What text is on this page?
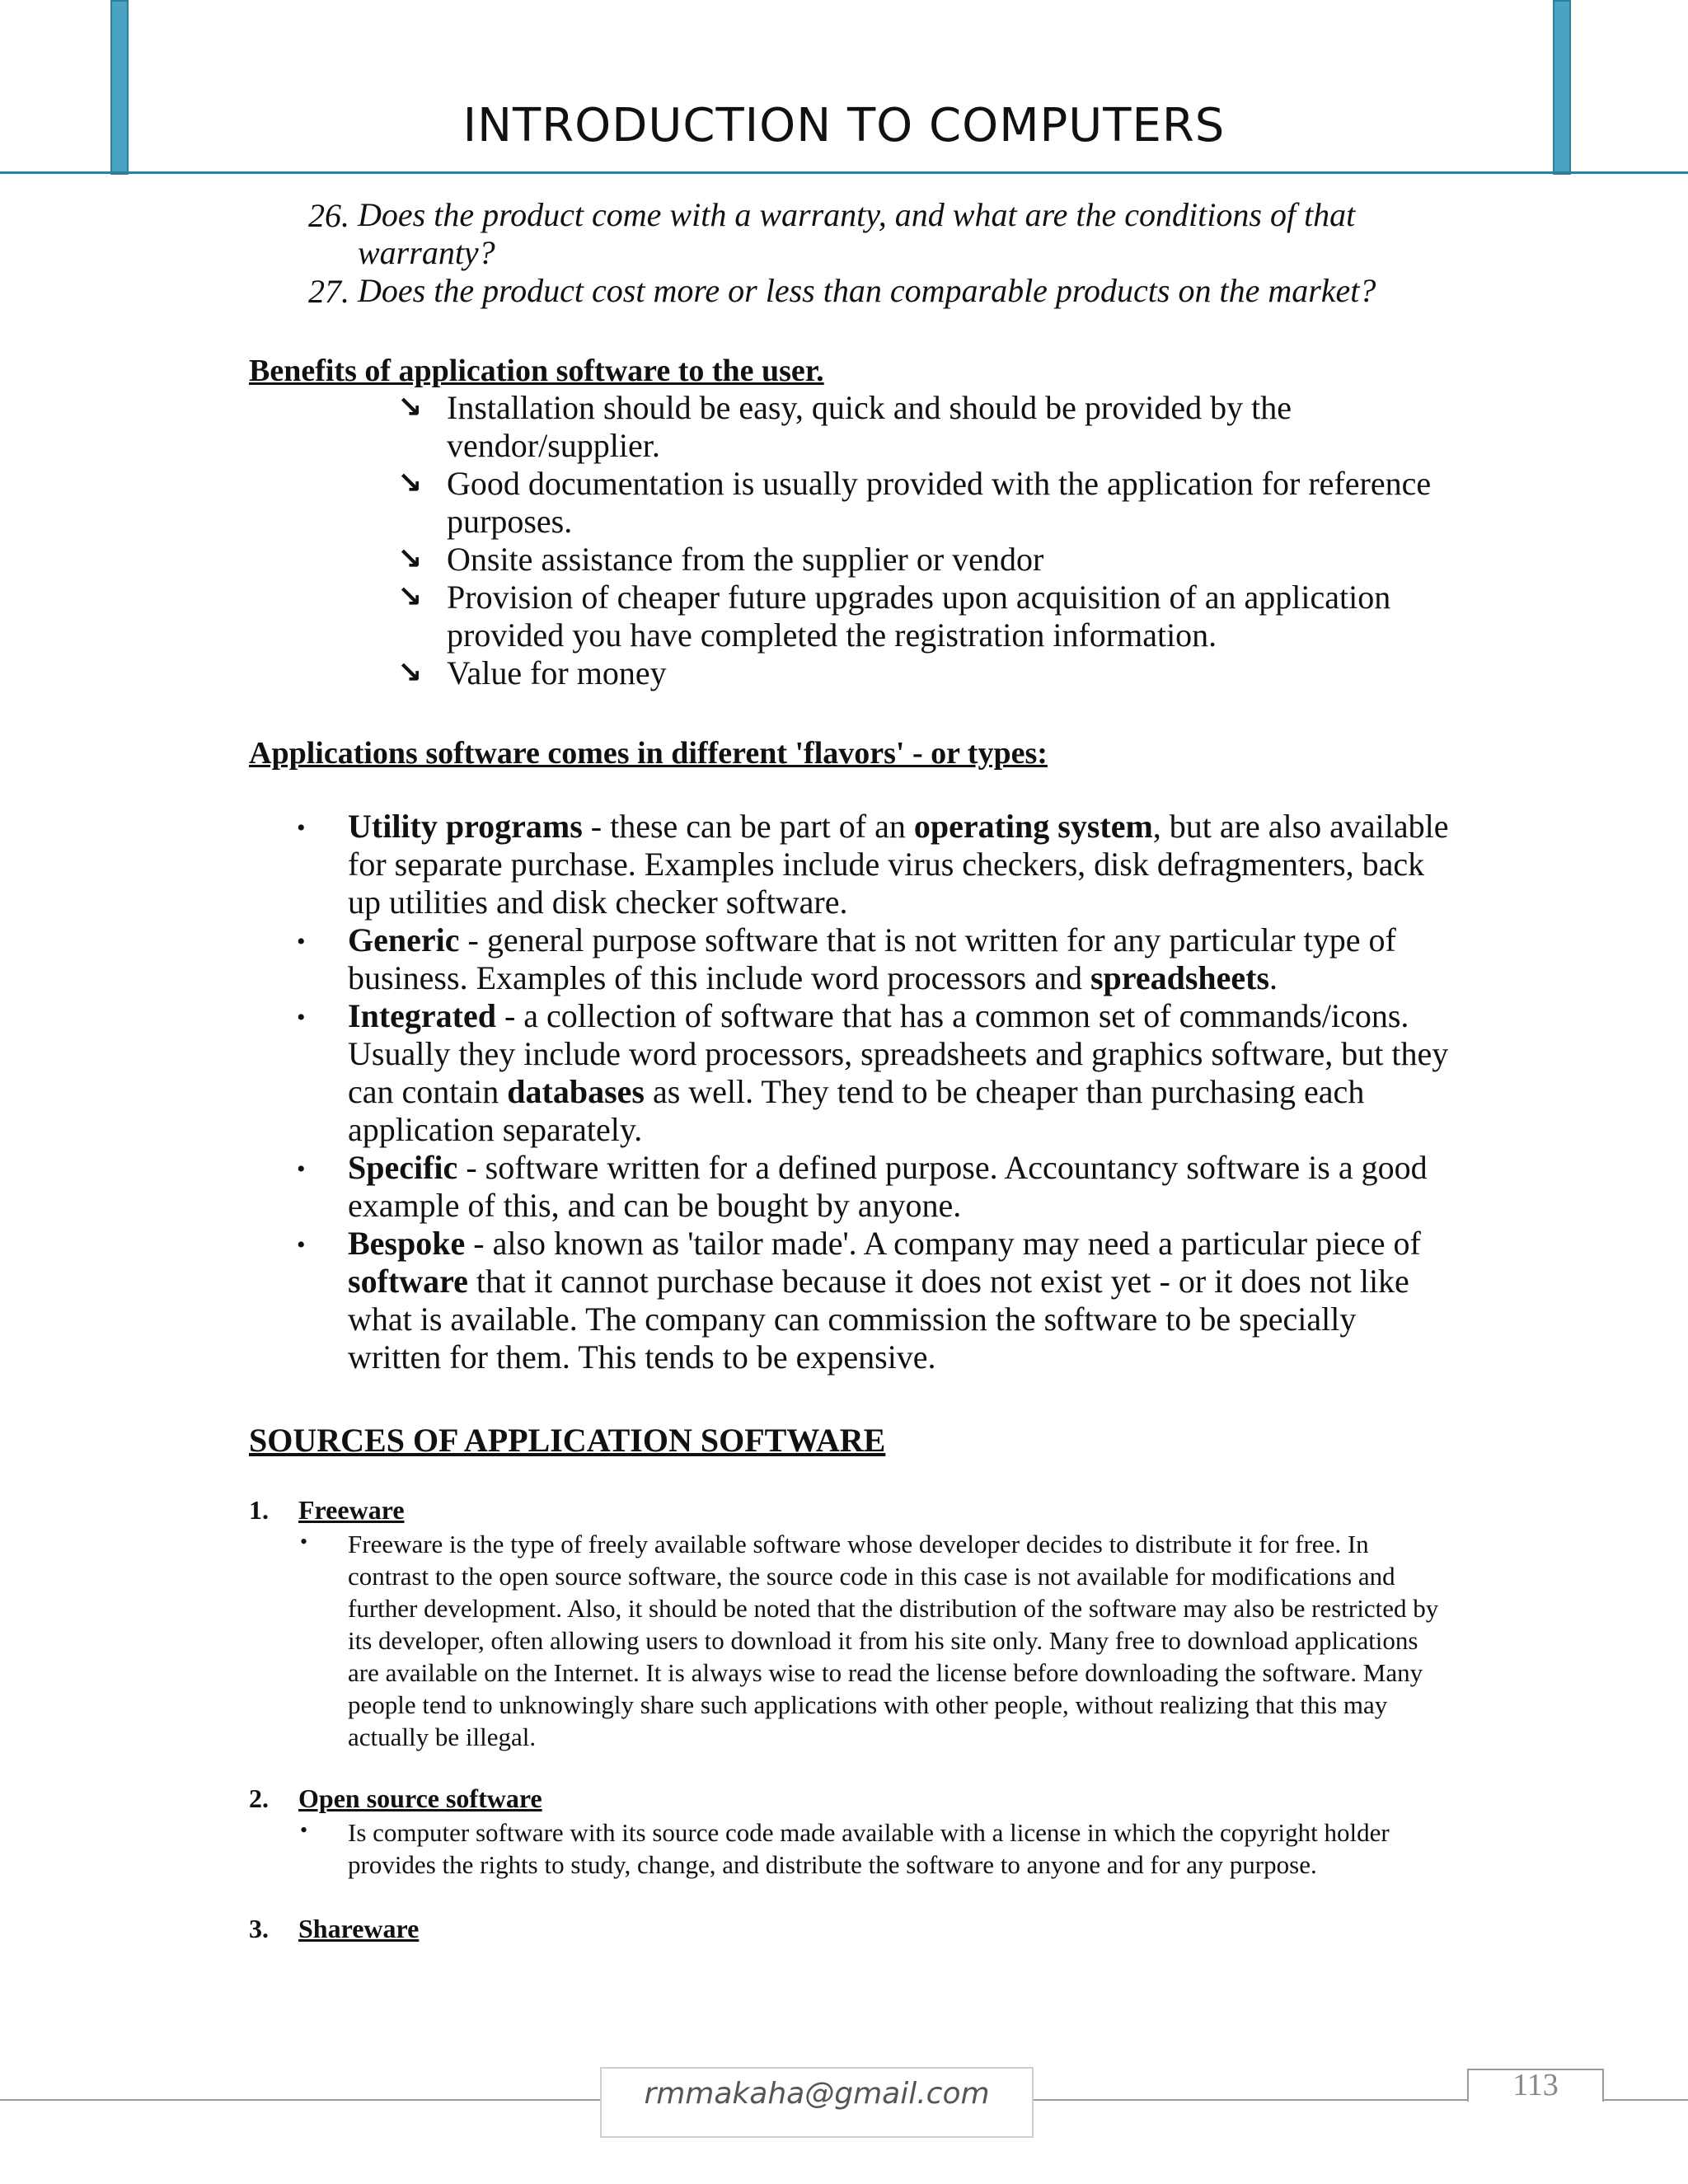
INTRODUCTION TO COMPUTERS
26. Does the product come with a warranty, and what are the conditions of that
warranty?
27. Does the product cost more or less than comparable products on the market?
Benefits of application software to the user.
↘ Installation should be easy, quick and should be provided by the
vendor/supplier.
↘ Good documentation is usually provided with the application for reference
purposes.
↘ Onsite assistance from the supplier or vendor
↘ Provision of cheaper future upgrades upon acquisition of an application
provided you have completed the registration information.
↘ Value for money
Applications software comes in different 'flavors' - or types:
• Utility programs - these can be part of an operating system, but are also available for separate purchase. Examples include virus checkers, disk defragmenters, back up utilities and disk checker software.
• Generic - general purpose software that is not written for any particular type of business. Examples of this include word processors and spreadsheets.
• Integrated - a collection of software that has a common set of commands/icons. Usually they include word processors, spreadsheets and graphics software, but they can contain databases as well. They tend to be cheaper than purchasing each application separately.
• Specific - software written for a defined purpose. Accountancy software is a good example of this, and can be bought by anyone.
• Bespoke - also known as 'tailor made'. A company may need a particular piece of software that it cannot purchase because it does not exist yet - or it does not like what is available. The company can commission the software to be specially written for them. This tends to be expensive.
SOURCES OF APPLICATION SOFTWARE
1. Freeware
• Freeware is the type of freely available software whose developer decides to distribute it for free. In contrast to the open source software, the source code in this case is not available for modifications and further development. Also, it should be noted that the distribution of the software may also be restricted by its developer, often allowing users to download it from his site only. Many free to download applications are available on the Internet. It is always wise to read the license before downloading the software. Many people tend to unknowingly share such applications with other people, without realizing that this may actually be illegal.
2. Open source software
• Is computer software with its source code made available with a license in which the copyright holder provides the rights to study, change, and distribute the software to anyone and for any purpose.
3. Shareware
rmmakaha@gmail.com	113
